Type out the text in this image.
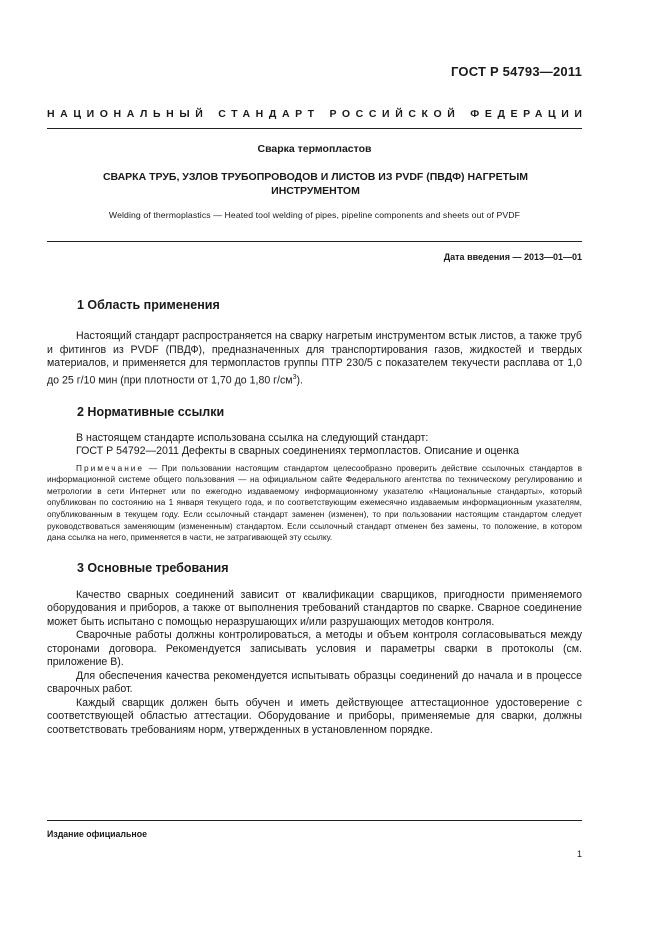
ГОСТ Р 54793—2011
НАЦИОНАЛЬНЫЙ СТАНДАРТ РОССИЙСКОЙ ФЕДЕРАЦИИ
Сварка термопластов
СВАРКА ТРУБ, УЗЛОВ ТРУБОПРОВОДОВ И ЛИСТОВ ИЗ PVDF (ПВДФ) НАГРЕТЫМ
ИНСТРУМЕНТОМ
Welding of thermoplastics — Heated tool welding of pipes, pipeline components and sheets out of PVDF
Дата введения — 2013—01—01
1 Область применения

Настоящий стандарт распространяется на сварку нагретым инструментом встык листов, а также труб и фитингов из PVDF (ПВДФ), предназначенных для транспортирования газов, жидкостей и твердых материалов, и применяется для термопластов группы ПТР 230/5 с показателем текучести расплава от 1,0 до 25 г/10 мин (при плотности от 1,70 до 1,80 $г/см^3$).

2 Нормативные ссылки

В настоящем стандарте использована ссылка на следующий стандарт:

ГОСТ Р 54792—2011 Дефекты в сварных соединениях термопластов. Описание и оценка

Примечание — При пользовании настоящим стандартом целесообразно проверить действие ссылочных стандартов в информационной системе общего пользования — на официальном сайте Федерального агентства по техническому регулированию и метрологии в сети Интернет или по ежегодно издаваемому информационному указателю «Национальные стандарты», который опубликован по состоянию на 1 января текущего года, и по соответствующим ежемесячно издаваемым информационным указателям, опубликованным в текущем году. Если ссылочный стандарт заменен (изменен), то при пользовании настоящим стандартом следует руководствоваться заменяющим (измененным) стандартом. Если ссылочный стандарт отменен без замены, то положение, в котором дана ссылка на него, применяется в части, не затрагивающей эту ссылку.

3 Основные требования

Качество сварных соединений зависит от квалификации сварщиков, пригодности применяемого оборудования и приборов, а также от выполнения требований стандартов по сварке. Сварное соединение может быть испытано с помощью неразрушающих и/или разрушающих методов контроля.

Сварочные работы должны контролироваться, а методы и объем контроля согласовываться между сторонами договора. Рекомендуется записывать условия и параметры сварки в протоколы (см. приложение В).

Для обеспечения качества рекомендуется испытывать образцы соединений до начала и в процессе сварочных работ.

Каждый сварщик должен быть обучен и иметь действующее аттестационное удостоверение с соответствующей областью аттестации. Оборудование и приборы, применяемые для сварки, должны соответствовать требованиям норм, утвержденных в установленном порядке.

Издание официальное
1
